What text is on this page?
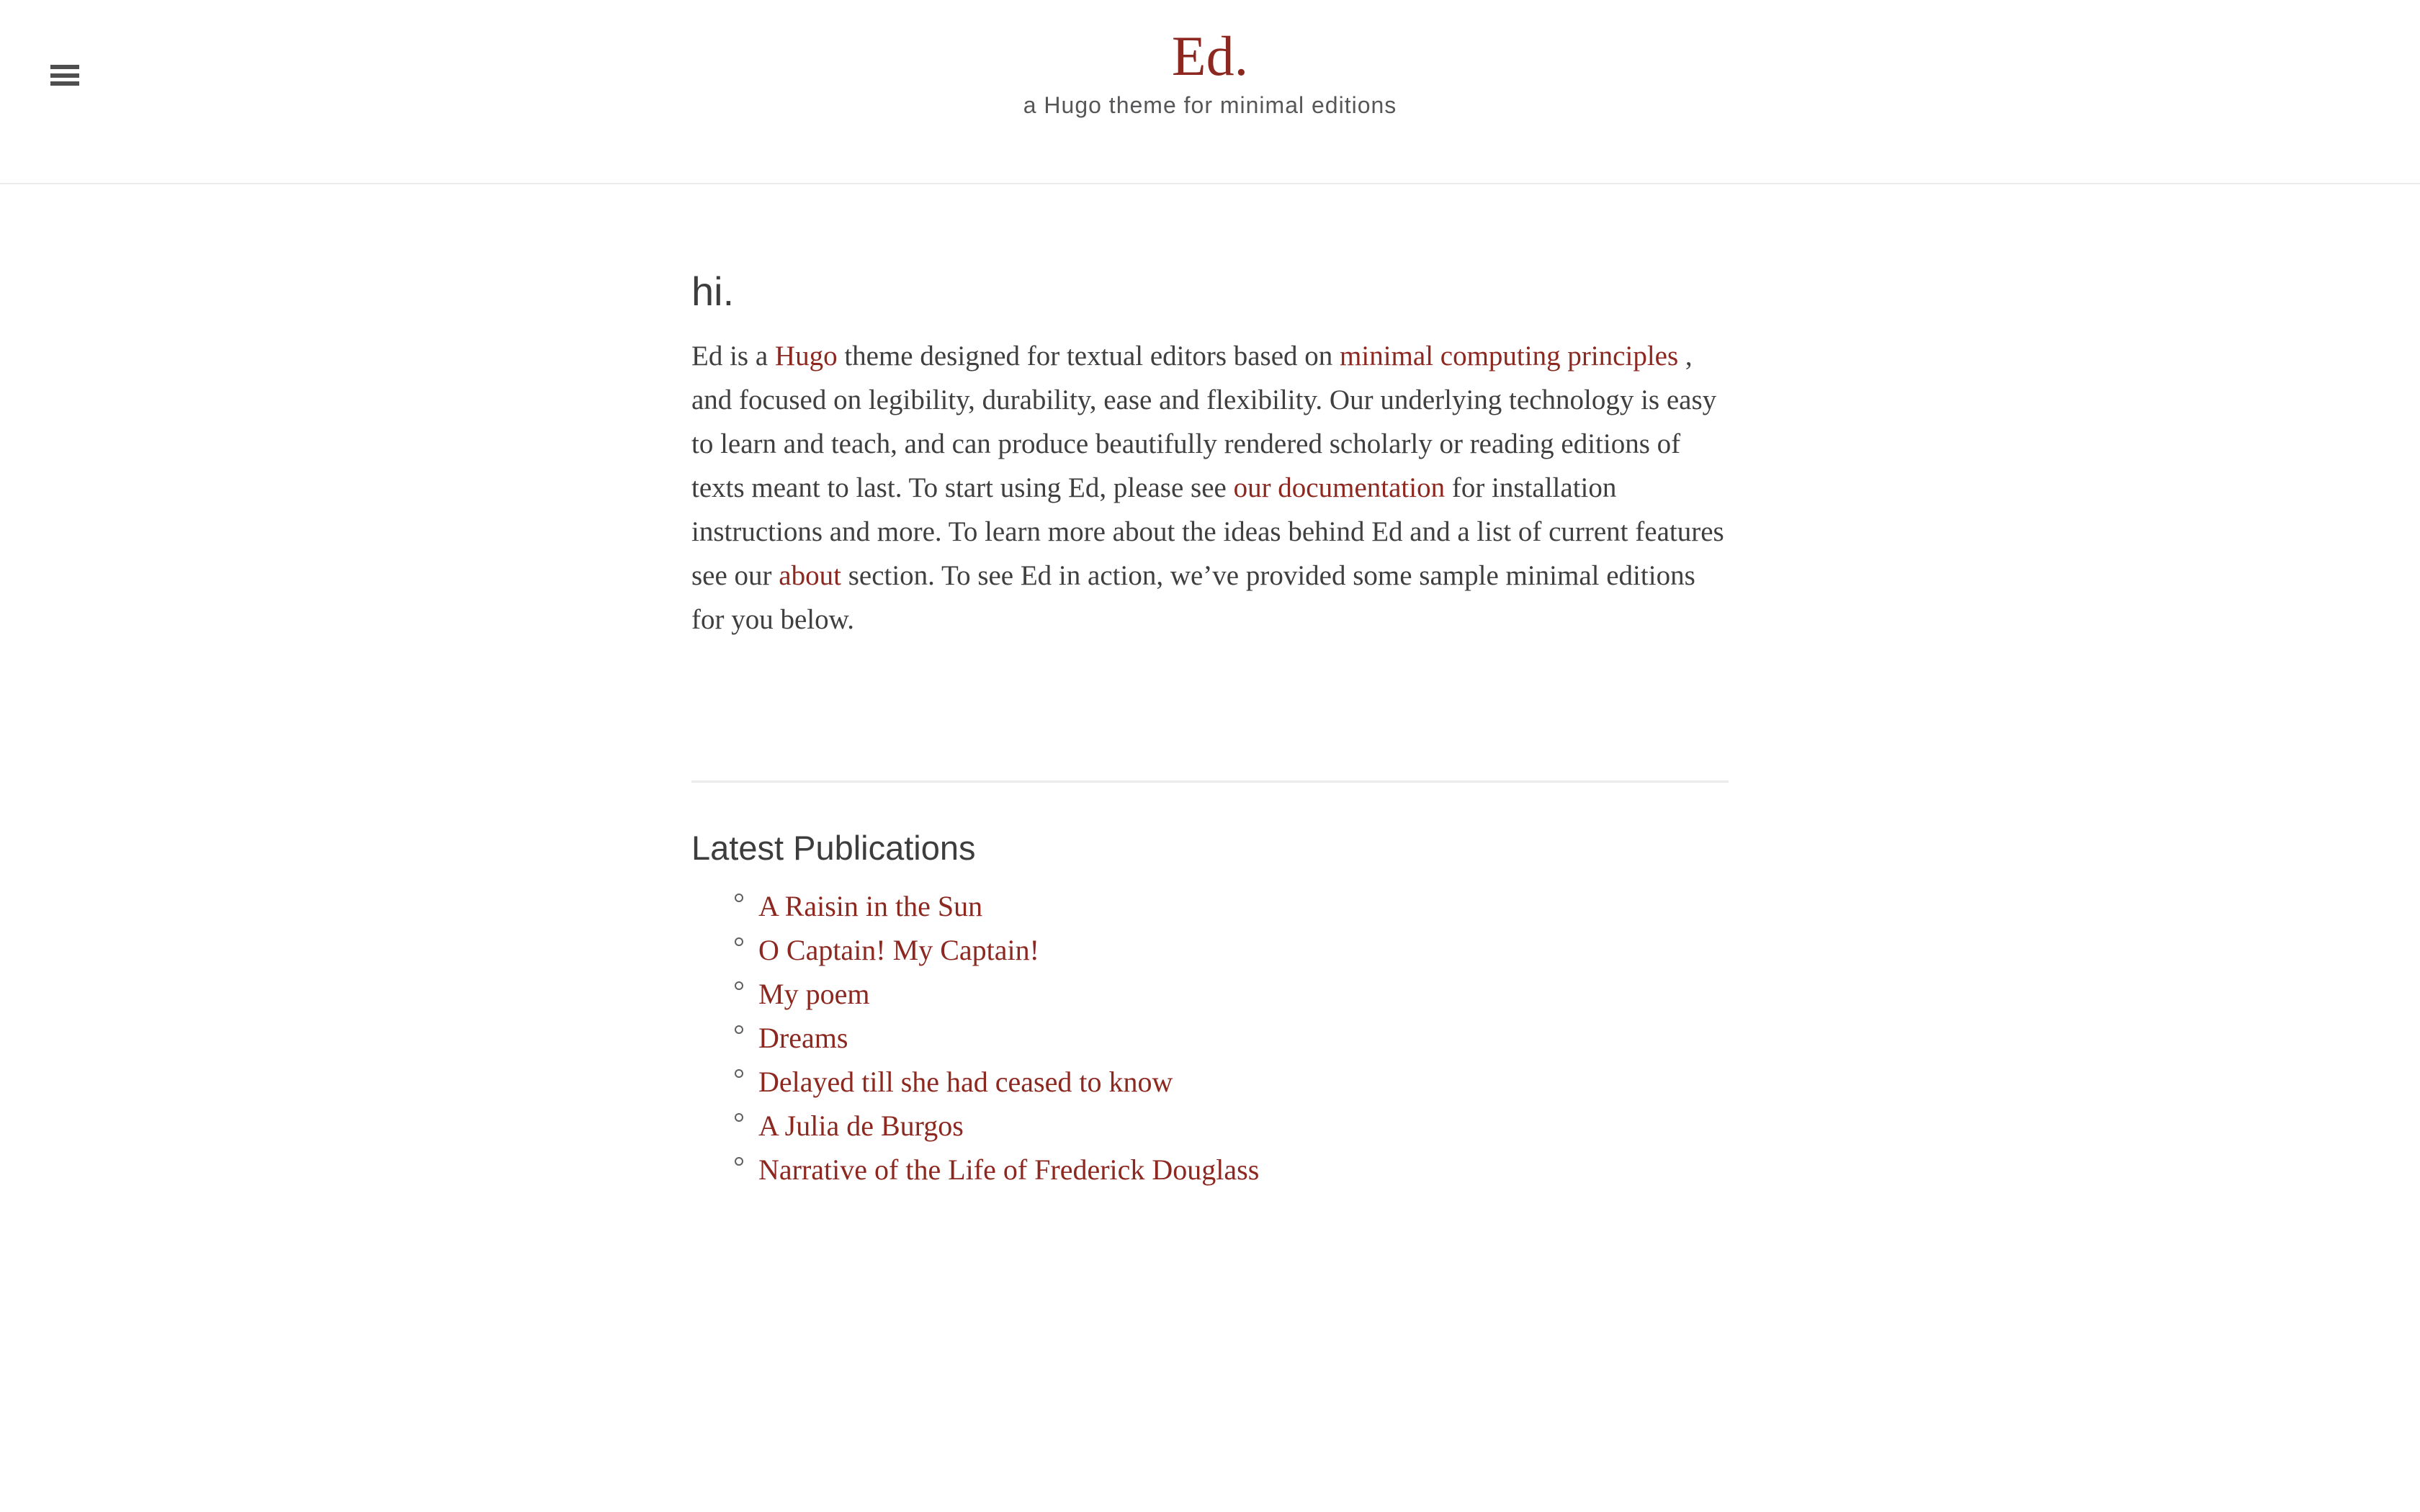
Ed.
a Hugo theme for minimal editions
hi.

Ed is a Hugo theme designed for textual editors based on minimal computing principles , and focused on legibility, durability, ease and flexibility. Our underlying technology is easy to learn and teach, and can produce beautifully rendered scholarly or reading editions of texts meant to last. To start using Ed, please see our documentation for installation instructions and more. To learn more about the ideas behind Ed and a list of current features see our about section. To see Ed in action, we’ve provided some sample minimal editions for you below.

Latest Publications
A Raisin in the Sun
O Captain! My Captain!
My poem
Dreams
Delayed till she had ceased to know
A Julia de Burgos
Narrative of the Life of Frederick Douglass
